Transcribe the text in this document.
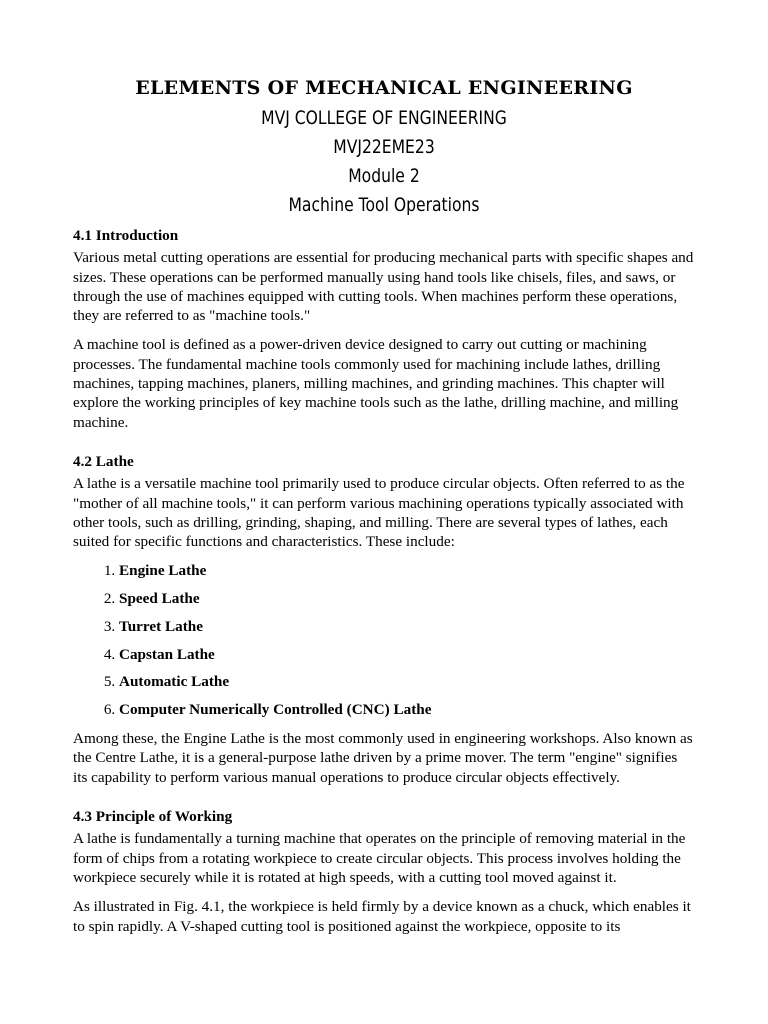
ELEMENTS OF MECHANICAL ENGINEERING
MVJ COLLEGE OF ENGINEERING
MVJ22EME23
Module 2
Machine Tool Operations
4.1 Introduction

Various metal cutting operations are essential for producing mechanical parts with specific shapes and sizes. These operations can be performed manually using hand tools like chisels, files, and saws, or through the use of machines equipped with cutting tools. When machines perform these operations, they are referred to as "machine tools."

A machine tool is defined as a power-driven device designed to carry out cutting or machining processes. The fundamental machine tools commonly used for machining include lathes, drilling machines, tapping machines, planers, milling machines, and grinding machines. This chapter will explore the working principles of key machine tools such as the lathe, drilling machine, and milling machine.

4.2 Lathe

A lathe is a versatile machine tool primarily used to produce circular objects. Often referred to as the "mother of all machine tools," it can perform various machining operations typically associated with other tools, such as drilling, grinding, shaping, and milling. There are several types of lathes, each suited for specific functions and characteristics. These include:

1. Engine Lathe
2. Speed Lathe
3. Turret Lathe
4. Capstan Lathe
5. Automatic Lathe
6. Computer Numerically Controlled (CNC) Lathe

Among these, the Engine Lathe is the most commonly used in engineering workshops. Also known as the Centre Lathe, it is a general-purpose lathe driven by a prime mover. The term "engine" signifies its capability to perform various manual operations to produce circular objects effectively.

4.3 Principle of Working

A lathe is fundamentally a turning machine that operates on the principle of removing material in the form of chips from a rotating workpiece to create circular objects. This process involves holding the workpiece securely while it is rotated at high speeds, with a cutting tool moved against it.

As illustrated in Fig. 4.1, the workpiece is held firmly by a device known as a chuck, which enables it to spin rapidly. A V-shaped cutting tool is positioned against the workpiece, opposite to its
